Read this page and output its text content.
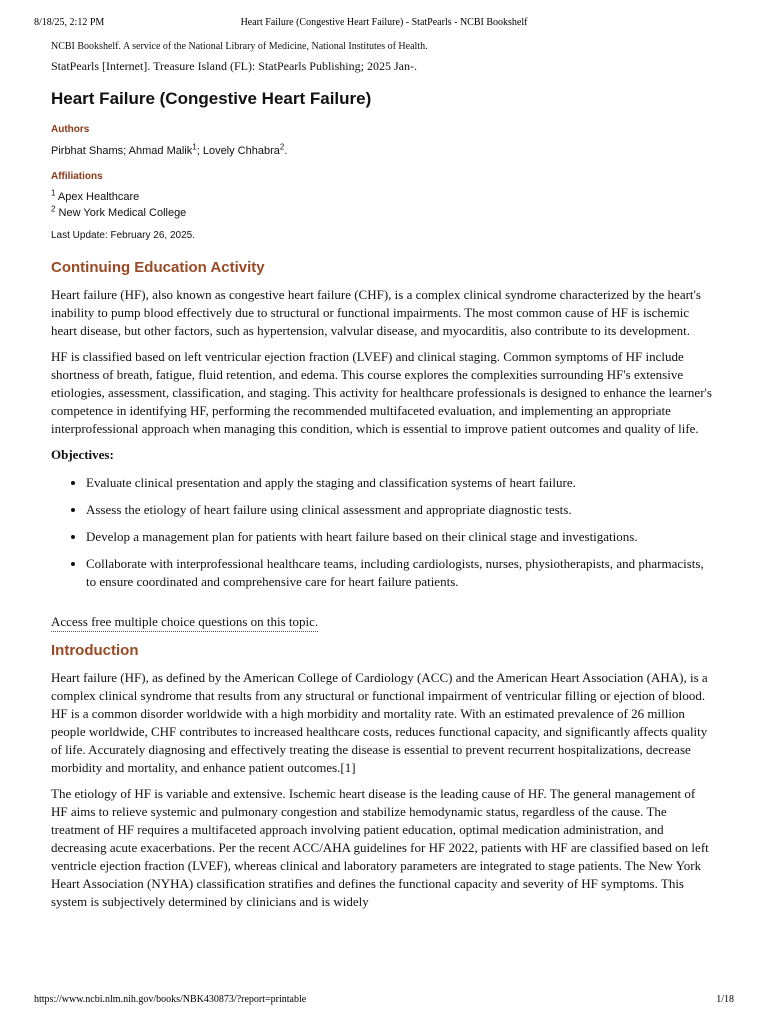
8/18/25, 2:12 PM	Heart Failure (Congestive Heart Failure) - StatPearls - NCBI Bookshelf

NCBI Bookshelf. A service of the National Library of Medicine, National Institutes of Health.

StatPearls [Internet]. Treasure Island (FL): StatPearls Publishing; 2025 Jan-.

Heart Failure (Congestive Heart Failure)

Authors

Pirbhat Shams; Ahmad Malik$^1$; Lovely Chhabra$^2$.

Affiliations

$^1$ Apex Healthcare

$^2$ New York Medical College

Last Update: February 26, 2025.

Continuing Education Activity

Heart failure (HF), also known as congestive heart failure (CHF), is a complex clinical syndrome characterized by the heart's inability to pump blood effectively due to structural or functional impairments. The most common cause of HF is ischemic heart disease, but other factors, such as hypertension, valvular disease, and myocarditis, also contribute to its development.

HF is classified based on left ventricular ejection fraction (LVEF) and clinical staging. Common symptoms of HF include shortness of breath, fatigue, fluid retention, and edema. This course explores the complexities surrounding HF's extensive etiologies, assessment, classification, and staging. This activity for healthcare professionals is designed to enhance the learner's competence in identifying HF, performing the recommended multifaceted evaluation, and implementing an appropriate interprofessional approach when managing this condition, which is essential to improve patient outcomes and quality of life.

Objectives:

• Evaluate clinical presentation and apply the staging and classification systems of heart failure.
• Assess the etiology of heart failure using clinical assessment and appropriate diagnostic tests.
• Develop a management plan for patients with heart failure based on their clinical stage and investigations.
• Collaborate with interprofessional healthcare teams, including cardiologists, nurses, physiotherapists, and pharmacists, to ensure coordinated and comprehensive care for heart failure patients.
Access free multiple choice questions on this topic.
Introduction

Heart failure (HF), as defined by the American College of Cardiology (ACC) and the American Heart Association (AHA), is a complex clinical syndrome that results from any structural or functional impairment of ventricular filling or ejection of blood. HF is a common disorder worldwide with a high morbidity and mortality rate. With an estimated prevalence of 26 million people worldwide, CHF contributes to increased healthcare costs, reduces functional capacity, and significantly affects quality of life. Accurately diagnosing and effectively treating the disease is essential to prevent recurrent hospitalizations, decrease morbidity and mortality, and enhance patient outcomes.[1]

The etiology of HF is variable and extensive. Ischemic heart disease is the leading cause of HF. The general management of HF aims to relieve systemic and pulmonary congestion and stabilize hemodynamic status, regardless of the cause. The treatment of HF requires a multifaceted approach involving patient education, optimal medication administration, and decreasing acute exacerbations. Per the recent ACC/AHA guidelines for HF 2022, patients with HF are classified based on left ventricle ejection fraction (LVEF), whereas clinical and laboratory parameters are integrated to stage patients. The New York Heart Association (NYHA) classification stratifies and defines the functional capacity and severity of HF symptoms. This system is subjectively determined by clinicians and is widely

https://www.ncbi.nlm.nih.gov/books/NBK430873/?report=printable	1/18
